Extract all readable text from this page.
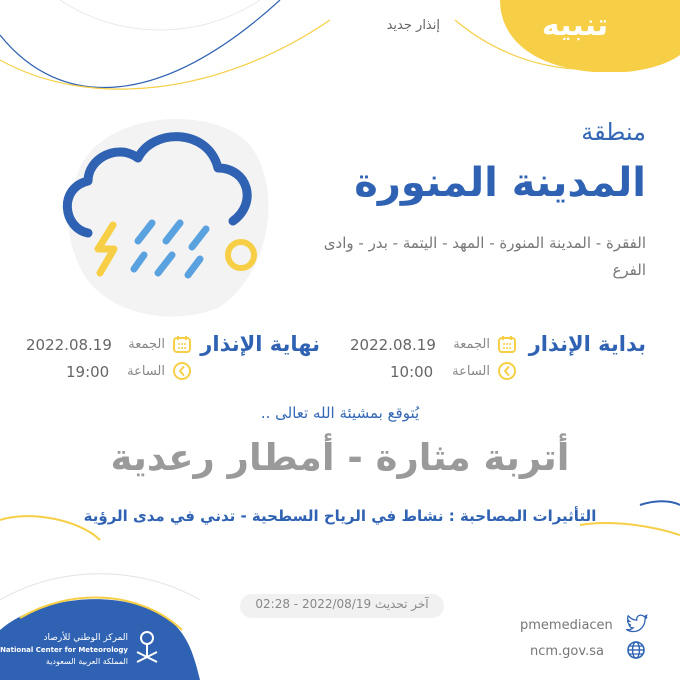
تنبيه
إنذار جديد
منطقة
المدينة المنورة
الفقرة - المدينة المنورة - المهد - اليتمة - بدر - وادى الفرع
بداية الإنذار
الجمعة
2022.08.19
الساعة
10:00
نهاية الإنذار
الجمعة
2022.08.19
الساعة
19:00
يُتوقع بمشيئة الله تعالى ..
أتربة مثارة - أمطار رعدية
التأثيرات المصاحبة : نشاط في الرياح السطحية - تدني في مدى الرؤية
آخر تحديث 2022/08/19 - 02:28
المركز الوطني للأرصاد
National Center for Meteorology
المملكة العربية السعودية
pmemediacen
ncm.gov.sa
